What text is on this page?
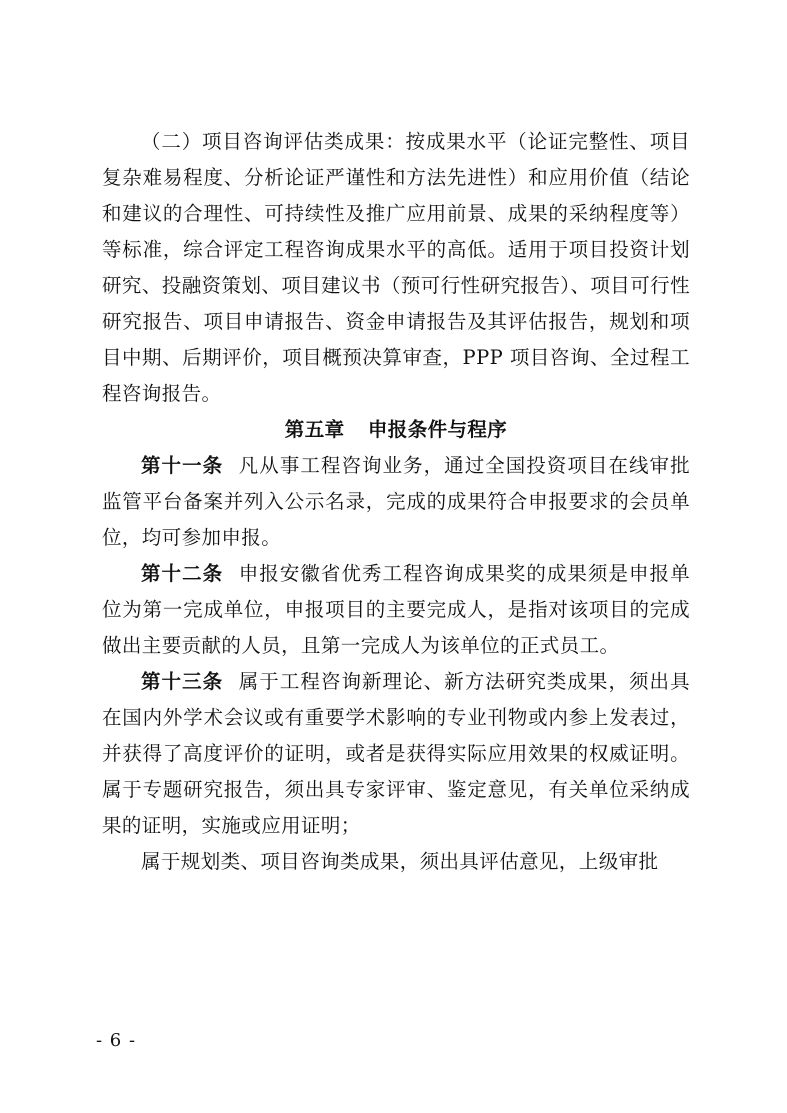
（二）项目咨询评估类成果：按成果水平（论证完整性、项目复杂难易程度、分析论证严谨性和方法先进性）和应用价值（结论和建议的合理性、可持续性及推广应用前景、成果的采纳程度等）等标准，综合评定工程咨询成果水平的高低。适用于项目投资计划研究、投融资策划、项目建议书（预可行性研究报告）、项目可行性研究报告、项目申请报告、资金申请报告及其评估报告，规划和项目中期、后期评价，项目概预决算审查，PPP 项目咨询、全过程工程咨询报告。

第五章 申报条件与程序

第十一条 凡从事工程咨询业务，通过全国投资项目在线审批监管平台备案并列入公示名录，完成的成果符合申报要求的会员单位，均可参加申报。

第十二条 申报安徽省优秀工程咨询成果奖的成果须是申报单位为第一完成单位，申报项目的主要完成人，是指对该项目的完成做出主要贡献的人员，且第一完成人为该单位的正式员工。

第十三条 属于工程咨询新理论、新方法研究类成果，须出具在国内外学术会议或有重要学术影响的专业刊物或内参上发表过，并获得了高度评价的证明，或者是获得实际应用效果的权威证明。属于专题研究报告，须出具专家评审、鉴定意见，有关单位采纳成果的证明，实施或应用证明；

属于规划类、项目咨询类成果，须出具评估意见，上级审批

- 6 -
